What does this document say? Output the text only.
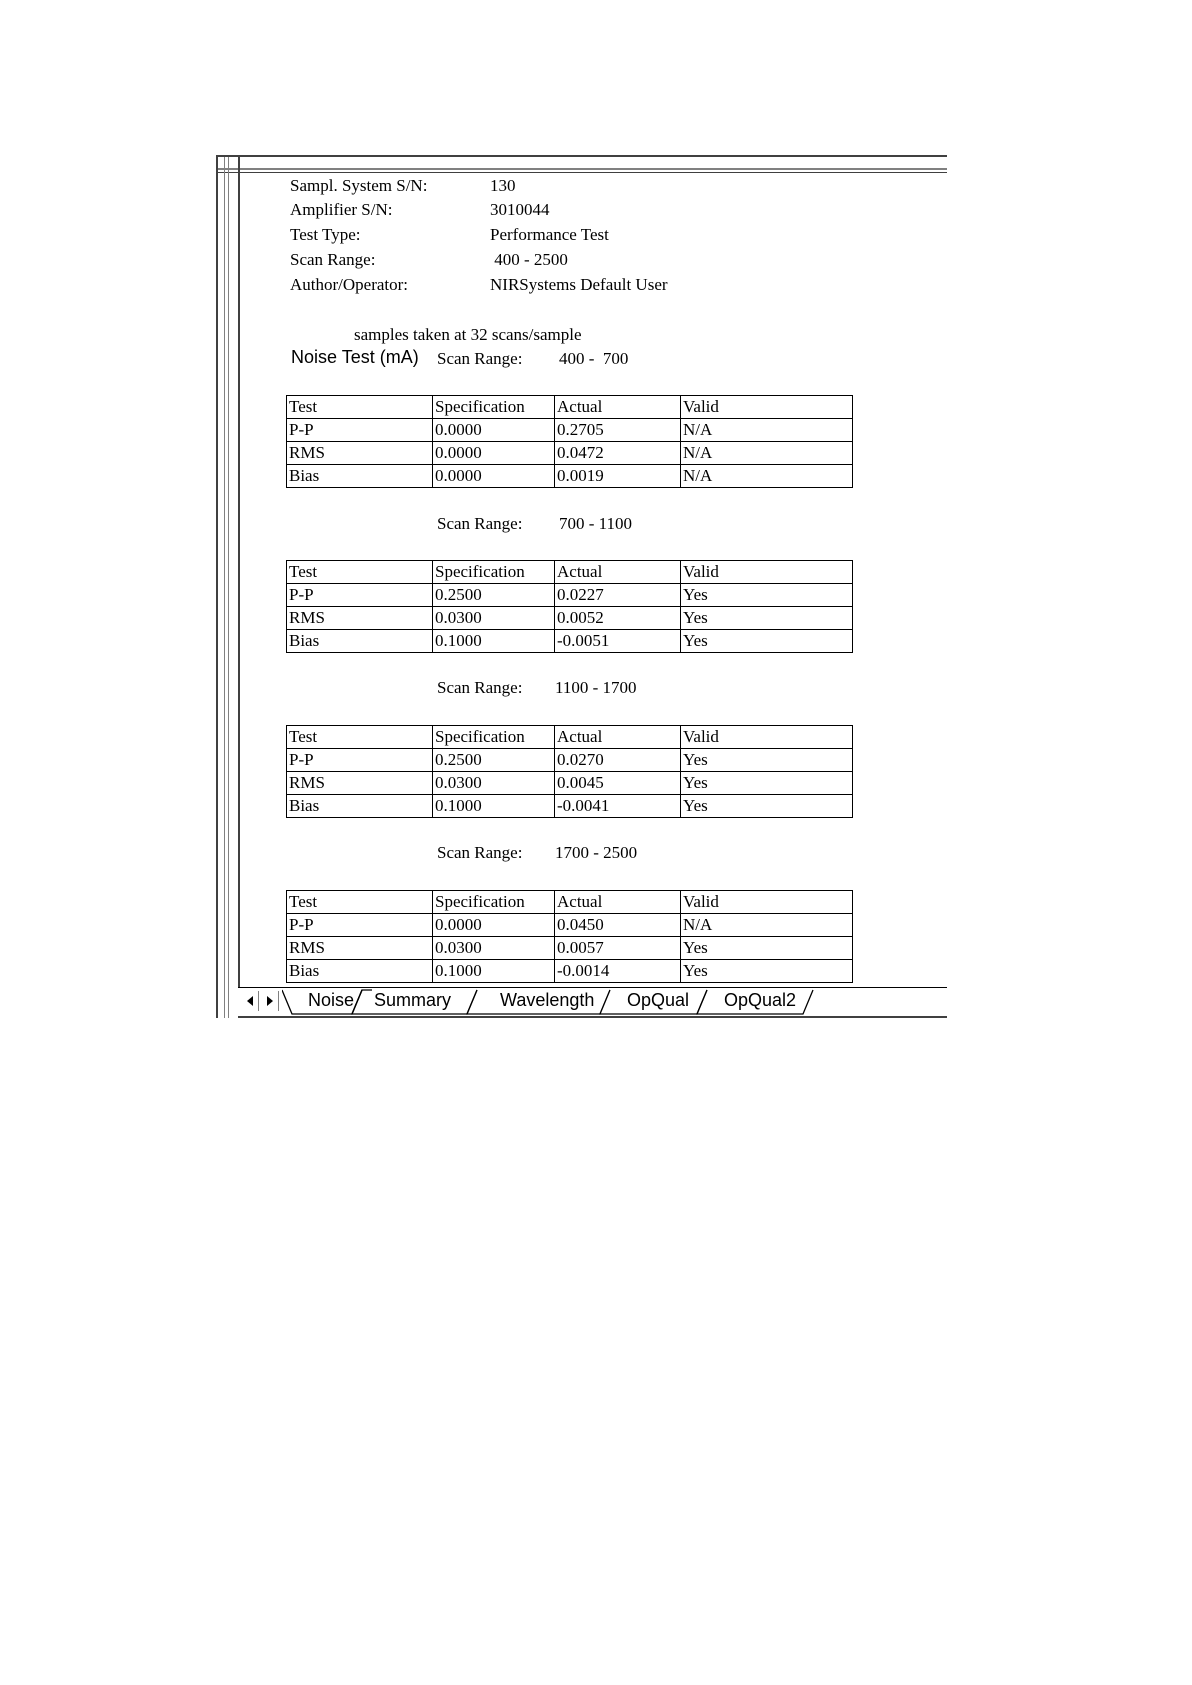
Sampl. System S/N:	130
Amplifier S/N:	3010044
Test Type:	Performance Test
Scan Range:	400 - 2500
Author/Operator:	NIRSystems Default User
samples taken at 32 scans/sample
Noise Test (mA) Scan Range: 400 -  700
Test	Specification	Actual	Valid
P-P	0.0000	0.2705	N/A
RMS	0.0000	0.0472	N/A
Bias	0.0000	0.0019	N/A
Scan Range: 700 - 1100
Test	Specification	Actual	Valid
P-P	0.2500	0.0227	Yes
RMS	0.0300	0.0052	Yes
Bias	0.1000	-0.0051	Yes
Scan Range: 1100 - 1700
Test	Specification	Actual	Valid
P-P	0.2500	0.0270	Yes
RMS	0.0300	0.0045	Yes
Bias	0.1000	-0.0041	Yes
Scan Range: 1700 - 2500
Test	Specification	Actual	Valid
P-P	0.0000	0.0450	N/A
RMS	0.0300	0.0057	Yes
Bias	0.1000	-0.0014	Yes
Noise Summary	Wavelength OpQual OpQual2
